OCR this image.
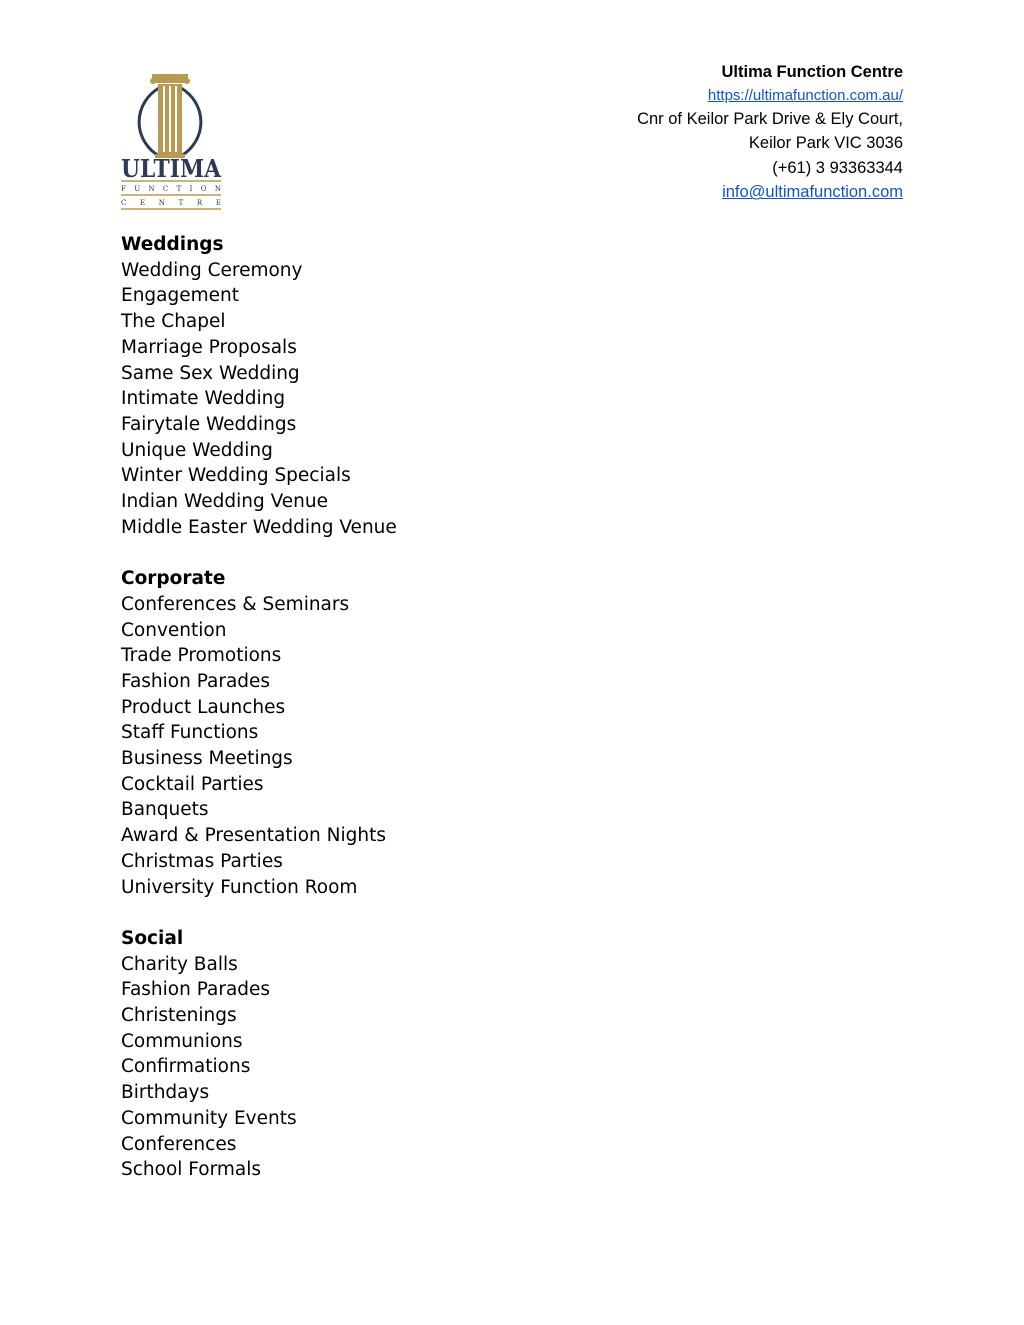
ULTIMA
FUNCTION
CENTRE
Ultima Function Centre
https://ultimafunction.com.au/
Cnr of Keilor Park Drive & Ely Court,
Keilor Park VIC 3036
(+61) 3 93363344
info@ultimafunction.com
Weddings
Wedding Ceremony
Engagement
The Chapel
Marriage Proposals
Same Sex Wedding
Intimate Wedding
Fairytale Weddings
Unique Wedding
Winter Wedding Specials
Indian Wedding Venue
Middle Easter Wedding Venue
Corporate
Conferences & Seminars
Convention
Trade Promotions
Fashion Parades
Product Launches
Staff Functions
Business Meetings
Cocktail Parties
Banquets
Award & Presentation Nights
Christmas Parties
University Function Room
Social
Charity Balls
Fashion Parades
Christenings
Communions
Confirmations
Birthdays
Community Events
Conferences
School Formals
